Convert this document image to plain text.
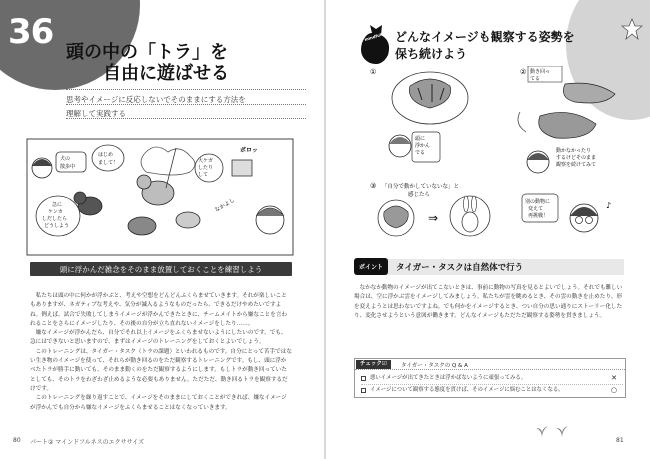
36
頭の中の「トラ」を
自由に遊ばせる
思考やイメージに反応しないでそのままにする方法を
理解して実践する
犬の
散歩中
はじめ
まして！	大ケガ
したり
して
ボロッ
なかよし
急に
ケンカ
しだしたら
どうしよう
頭に浮かんだ雑念をそのまま放置しておくことを練習しよう

私たちは頭の中に何かが浮かぶと、考えや空想をどんどんふくらませていきます。それが楽しいこともありますが、ネガティブな考えや、気分が滅入るようなものだったら、できるだけやめたいですよね。例えば、試合で失敗してしまうイメージが浮かんできたときに、チームメイトから嫌なことを言われることをさらにイメージしたり、その後の自分が立ち直れないイメージをしたり……。

嫌なイメージが浮かんだら、自分でそれ以上イメージをふくらませないようにしたいのです。でも、急にはできないと思いますので、まずはイメージのトレーニングをしておくとよいでしょう。

このトレーニングは、タイガー・タスク（トラの課題）といわれるものです。自分にとって苦手ではない生き物のイメージを使って、それらが動き回るのをただ観察するトレーニングです。もし、頭に浮かべたトラが勝手に動いても、そのまま動くのをただ観察するようにします。もしトラが動き回っていたとしても、そのトラをわざわざ止めるような必要もありません。ただただ、動き回るトラを観察するだけです。

このトレーニングを繰り返すことで、イメージをそのままにしておくことができれば、嫌なイメージが浮かんでも自分から嫌なイメージをふくらませることはなくなっていきます。

80 パート② マインドフルネスのエクササイズ
mindfulness どんなイメージも観察する姿勢を
保ち続けよう
①
頭に
浮かん
でる
② 動き回っ
てる
動かなかったり
するけどそのまま
観察を続けてみて
③ 「自分で動かしていないな」と
感じたら
⇒
別の動物に
変えて
再挑戦！
♪
ポイント タイガー・タスクは自然体で行う

なかなか動物のイメージが出てこないときは、事前に動物の写真を見るとよいでしょう。それでも難しい場合は、空に浮かぶ雲をイメージしてみましょう。私たちが雲を眺めるとき、その雲の動きを止めたり、形を変えようとは思わないですよね。でも何かをイメージするとき、つい自分の思い通りにストーリー化したり、変化させようという意図が働きます。どんなイメージもただただ観察する姿勢を貫きましょう。

チェック☑	タイガー・タスクの Q & A
悪いイメージが出てきたときは浮かばないように頑張ってみる。	✕
イメージについて観察する態度を貫けば、そのイメージに悩むことはなくなる。	○
81
